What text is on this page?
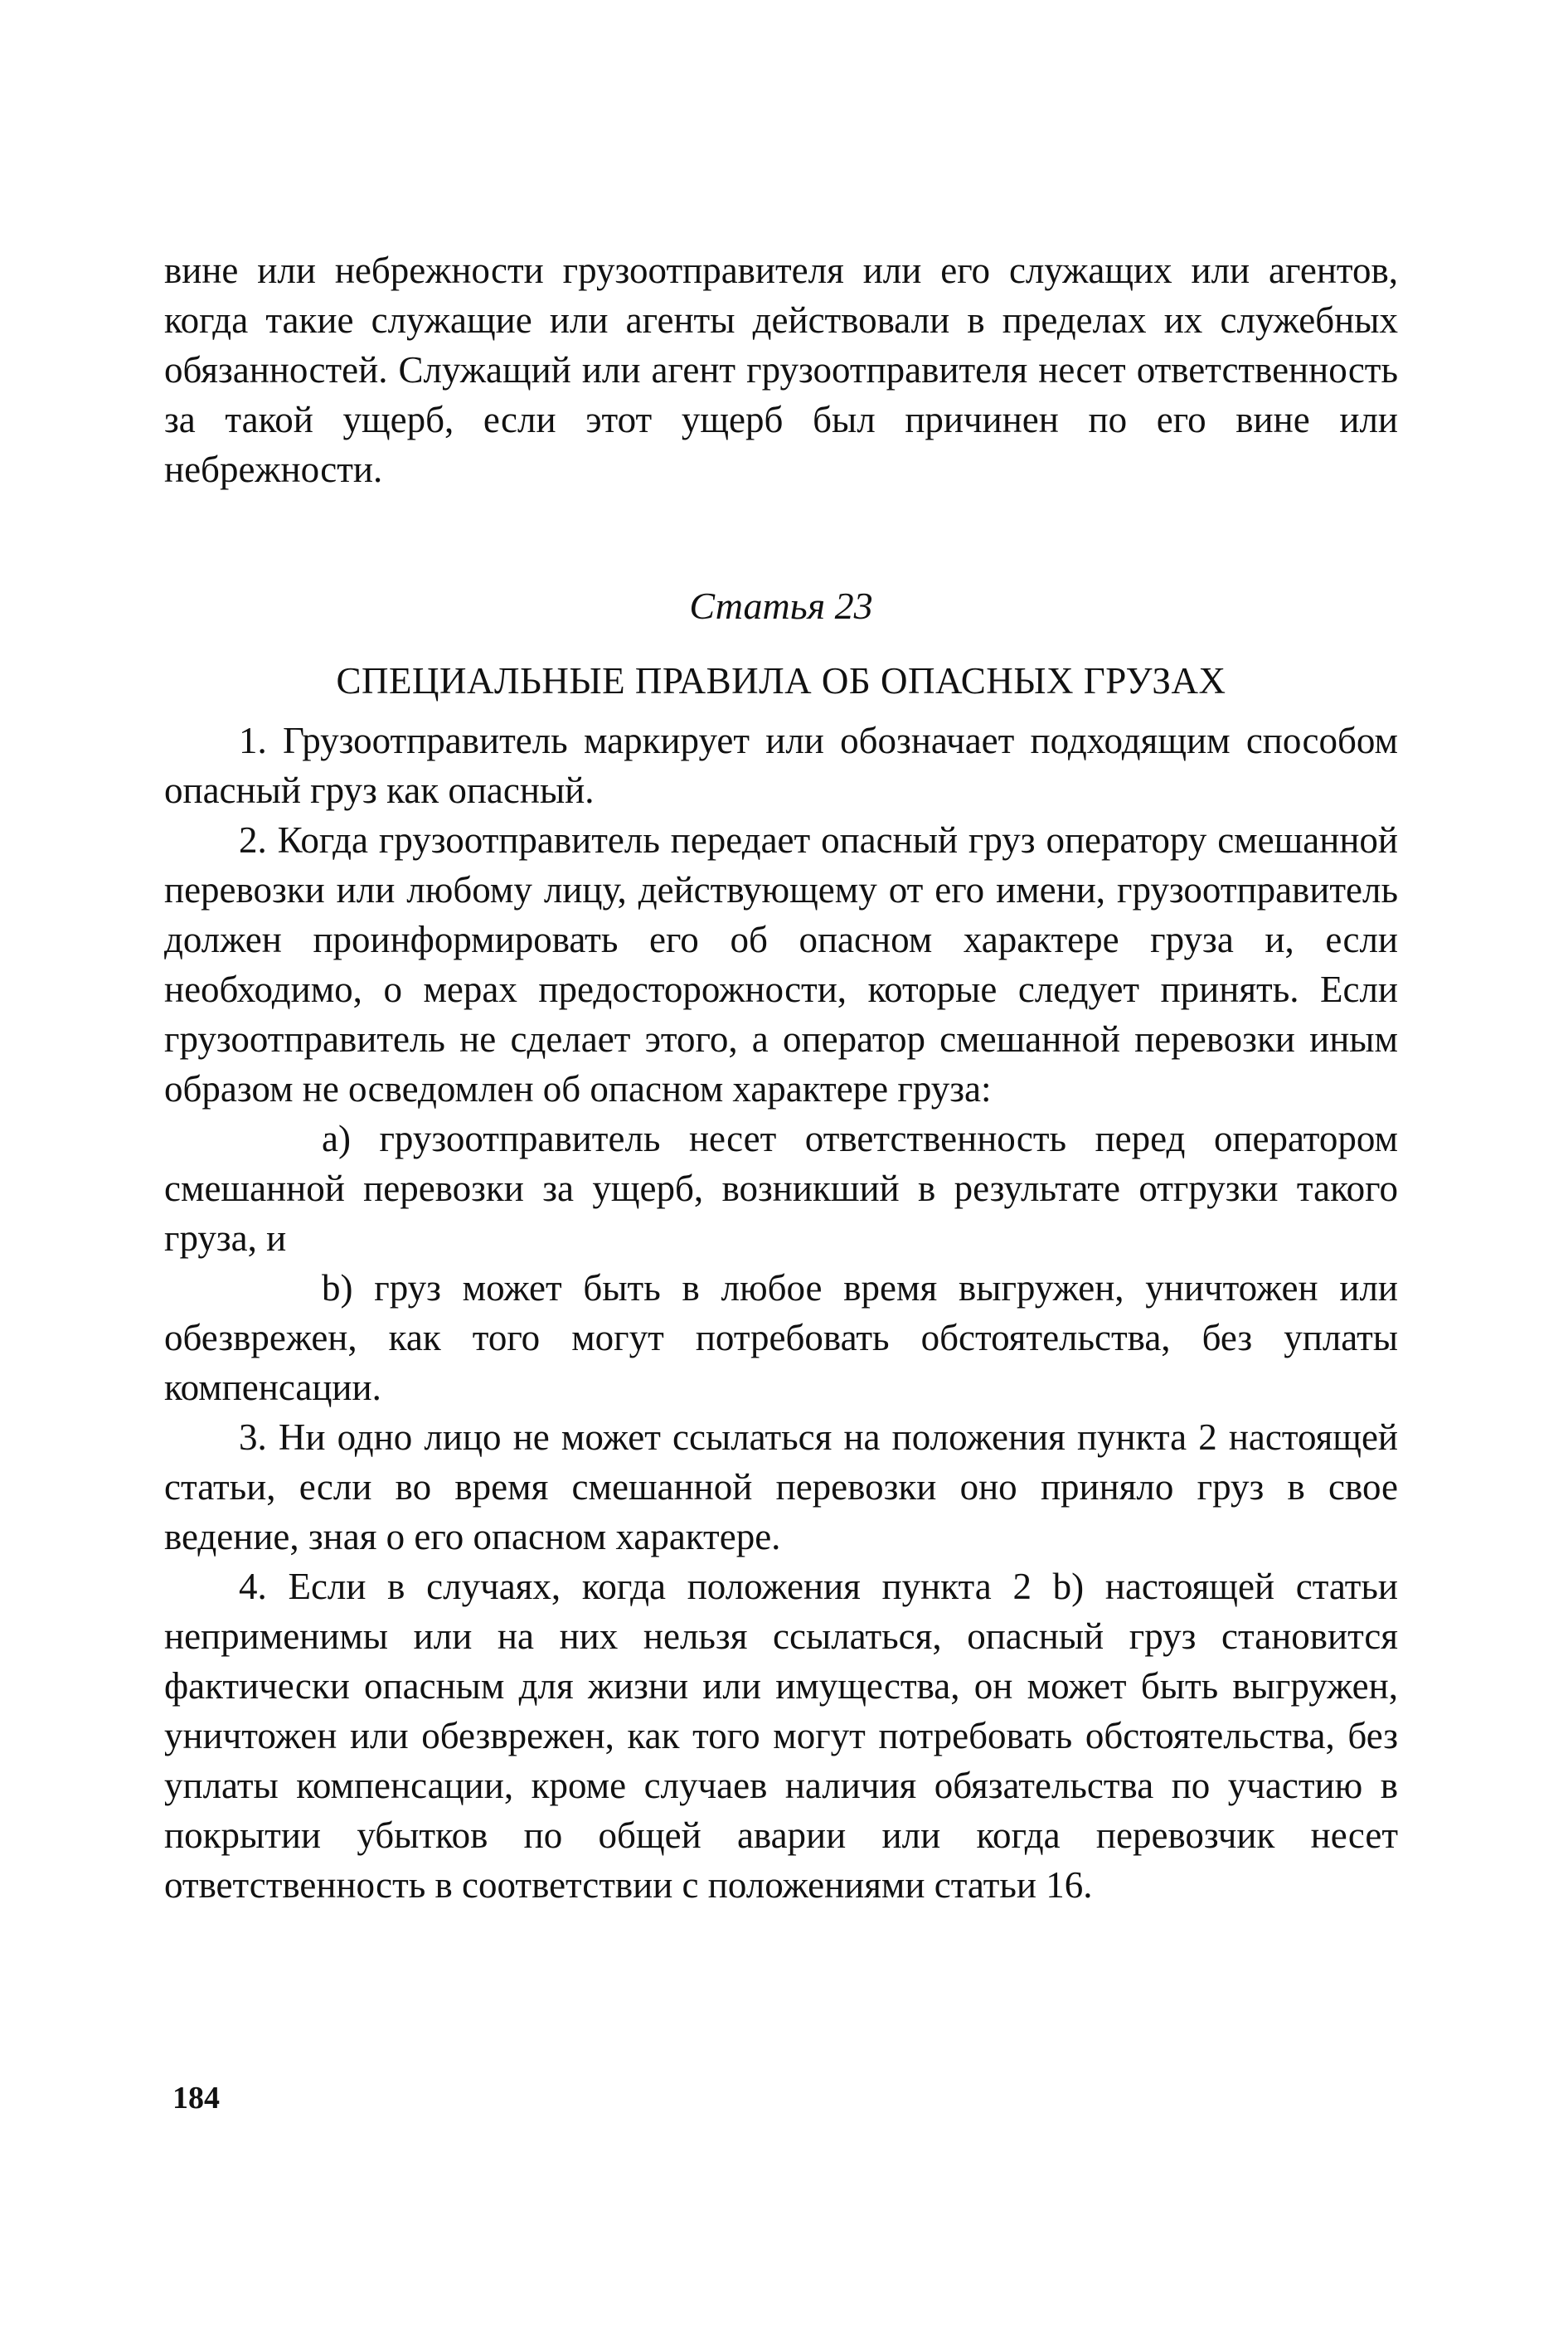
вине или небрежности грузоотправителя или его служащих или агентов, когда такие служащие или агенты действовали в пределах их служебных обязанностей. Служащий или агент грузоотправителя несет ответственность за такой ущерб, если этот ущерб был причинен по его вине или небрежности.

Статья 23
СПЕЦИАЛЬНЫЕ ПРАВИЛА ОБ ОПАСНЫХ ГРУЗАХ

1. Грузоотправитель маркирует или обозначает подходящим способом опасный груз как опасный.

2. Когда грузоотправитель передает опасный груз оператору смешанной перевозки или любому лицу, действующему от его имени, грузоотправитель должен проинформировать его об опасном характере груза и, если необходимо, о мерах предосторожности, которые следует принять. Если грузоотправитель не сделает этого, а оператор смешанной перевозки иным образом не осведомлен об опасном характере груза:

a) грузоотправитель несет ответственность перед оператором смешанной перевозки за ущерб, возникший в результате отгрузки такого груза, и

b) груз может быть в любое время выгружен, уничтожен или обезврежен, как того могут потребовать обстоятельства, без уплаты компенсации.

3. Ни одно лицо не может ссылаться на положения пункта 2 настоящей статьи, если во время смешанной перевозки оно приняло груз в свое ведение, зная о его опасном характере.

4. Если в случаях, когда положения пункта 2 b) настоящей статьи неприменимы или на них нельзя ссылаться, опасный груз становится фактически опасным для жизни или имущества, он может быть выгружен, уничтожен или обезврежен, как того могут потребовать обстоятельства, без уплаты компенсации, кроме случаев наличия обязательства по участию в покрытии убытков по общей аварии или когда перевозчик несет ответственность в соответствии с положениями статьи 16.

184
